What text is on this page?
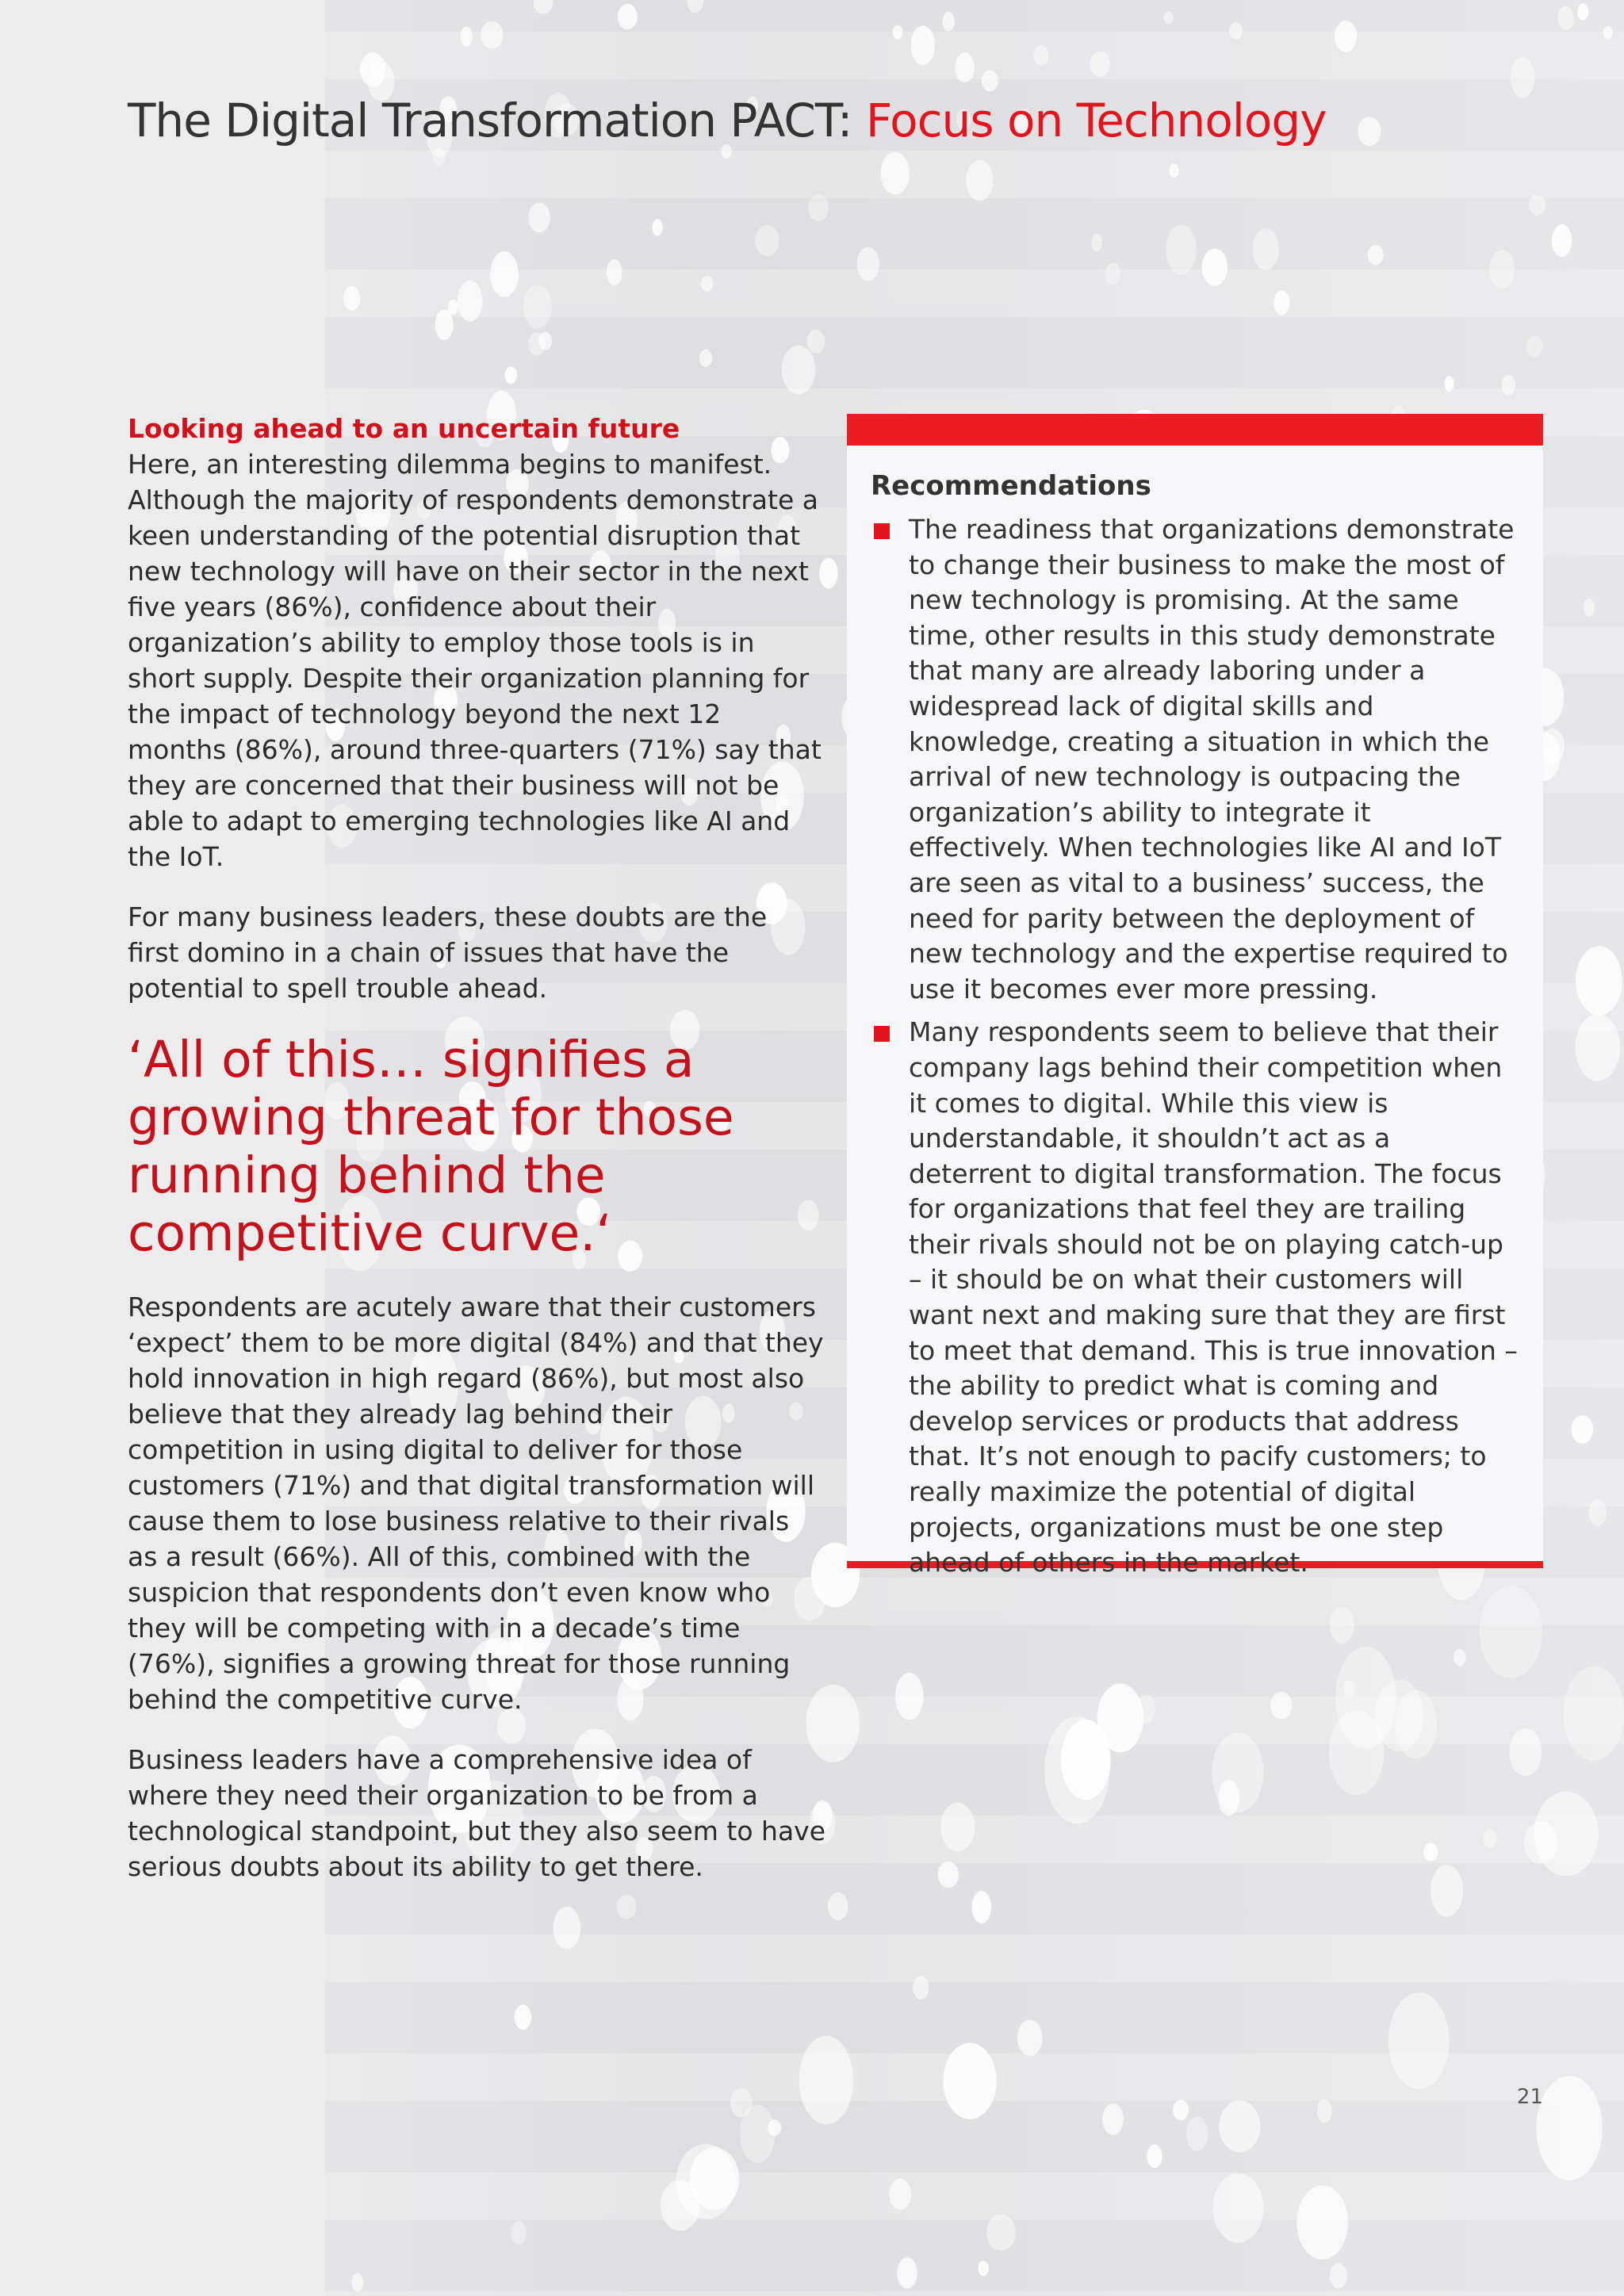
The Digital Transformation PACT: Focus on Technology
Looking ahead to an uncertain future

Here, an interesting dilemma begins to manifest. Although the majority of respondents demonstrate a keen understanding of the potential disruption that new technology will have on their sector in the next five years (86%), confidence about their organization’s ability to employ those tools is in short supply. Despite their organization planning for the impact of technology beyond the next 12 months (86%), around three-quarters (71%) say that they are concerned that their business will not be able to adapt to emerging technologies like AI and the IoT.

For many business leaders, these doubts are the first domino in a chain of issues that have the potential to spell trouble ahead.

‘All of this… signifies a growing threat for those running behind the competitive curve.‘

Respondents are acutely aware that their customers ‘expect’ them to be more digital (84%) and that they hold innovation in high regard (86%), but most also believe that they already lag behind their competition in using digital to deliver for those customers (71%) and that digital transformation will cause them to lose business relative to their rivals as a result (66%). All of this, combined with the suspicion that respondents don’t even know who they will be competing with in a decade’s time (76%), signifies a growing threat for those running behind the competitive curve.

Business leaders have a comprehensive idea of where they need their organization to be from a technological standpoint, but they also seem to have serious doubts about its ability to get there.

Recommendations
The readiness that organizations demonstrate to change their business to make the most of new technology is promising. At the same time, other results in this study demonstrate that many are already laboring under a widespread lack of digital skills and knowledge, creating a situation in which the arrival of new technology is outpacing the organization’s ability to integrate it effectively. When technologies like AI and IoT are seen as vital to a business’ success, the need for parity between the deployment of new technology and the expertise required to use it becomes ever more pressing.
Many respondents seem to believe that their company lags behind their competition when it comes to digital. While this view is understandable, it shouldn’t act as a deterrent to digital transformation. The focus for organizations that feel they are trailing their rivals should not be on playing catch-up – it should be on what their customers will want next and making sure that they are first to meet that demand. This is true innovation – the ability to predict what is coming and develop services or products that address that. It’s not enough to pacify customers; to really maximize the potential of digital projects, organizations must be one step ahead of others in the market.
21
